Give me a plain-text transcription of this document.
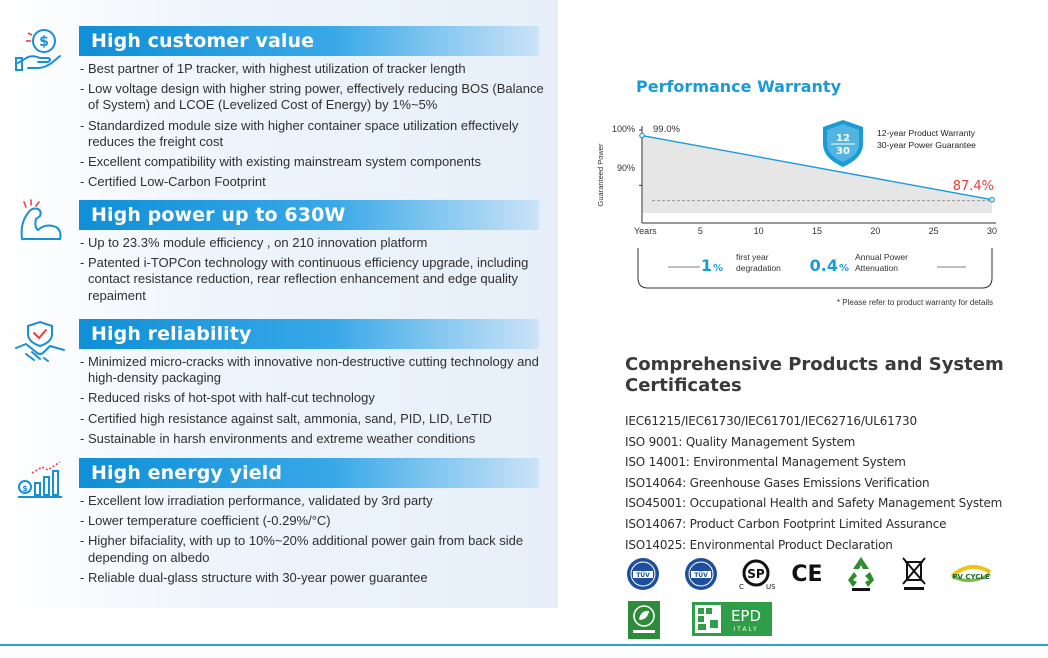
$	High customer value
- Best partner of 1P tracker, with highest utilization of tracker length
- Low voltage design with higher string power, effectively reducing BOS (Balance of System) and LCOE (Levelized Cost of Energy) by 1%~5%
- Standardized module size with higher container space utilization effectively reduces the freight cost
- Excellent compatibility with existing mainstream system components
- Certified Low-Carbon Footprint
High power up to 630W
- Up to 23.3% module efficiency , on 210 innovation platform
- Patented i-TOPCon technology with continuous efficiency upgrade, including contact resistance reduction, rear reflection enhancement and edge quality repaiment
High reliability
- Minimized micro-cracks with innovative non-destructive cutting technology and high-density packaging
- Reduced risks of hot-spot with half-cut technology
- Certified high resistance against salt, ammonia, sand, PID, LID, LeTID
- Sustainable in harsh environments and extreme weather conditions
$
High energy yield
- Excellent low irradiation performance, validated by 3rd party
- Lower temperature coefficient (-0.29%/°C)
- Higher bifaciality, with up to 10%~20% additional power gain from back side depending on albedo
- Reliable dual-glass structure with 30-year power guarantee
Performance Warranty
Guaranteed Power
100%
90%
Years	5	10	15	20	25	30
99.0%
87.4%
12
30
12-year Product Warranty
30-year Power Guarantee
1 %
first year
degradation 0.4 %
Annual Power
Attenuation
* Please refer to product warranty for details
Comprehensive Products and System Certificates
IEC61215/IEC61730/IEC61701/IEC62716/UL61730
ISO 9001: Quality Management System
ISO 14001: Environmental Management System
ISO14064: Greenhouse Gases Emissions Verification
ISO45001: Occupational Health and Safety Management System
ISO14067: Product Carbon Footprint Limited Assurance
ISO14025: Environmental Product Declaration
TÜV	TÜV	SP
C	US CE	PV CYCLE
EPD
ITALY
